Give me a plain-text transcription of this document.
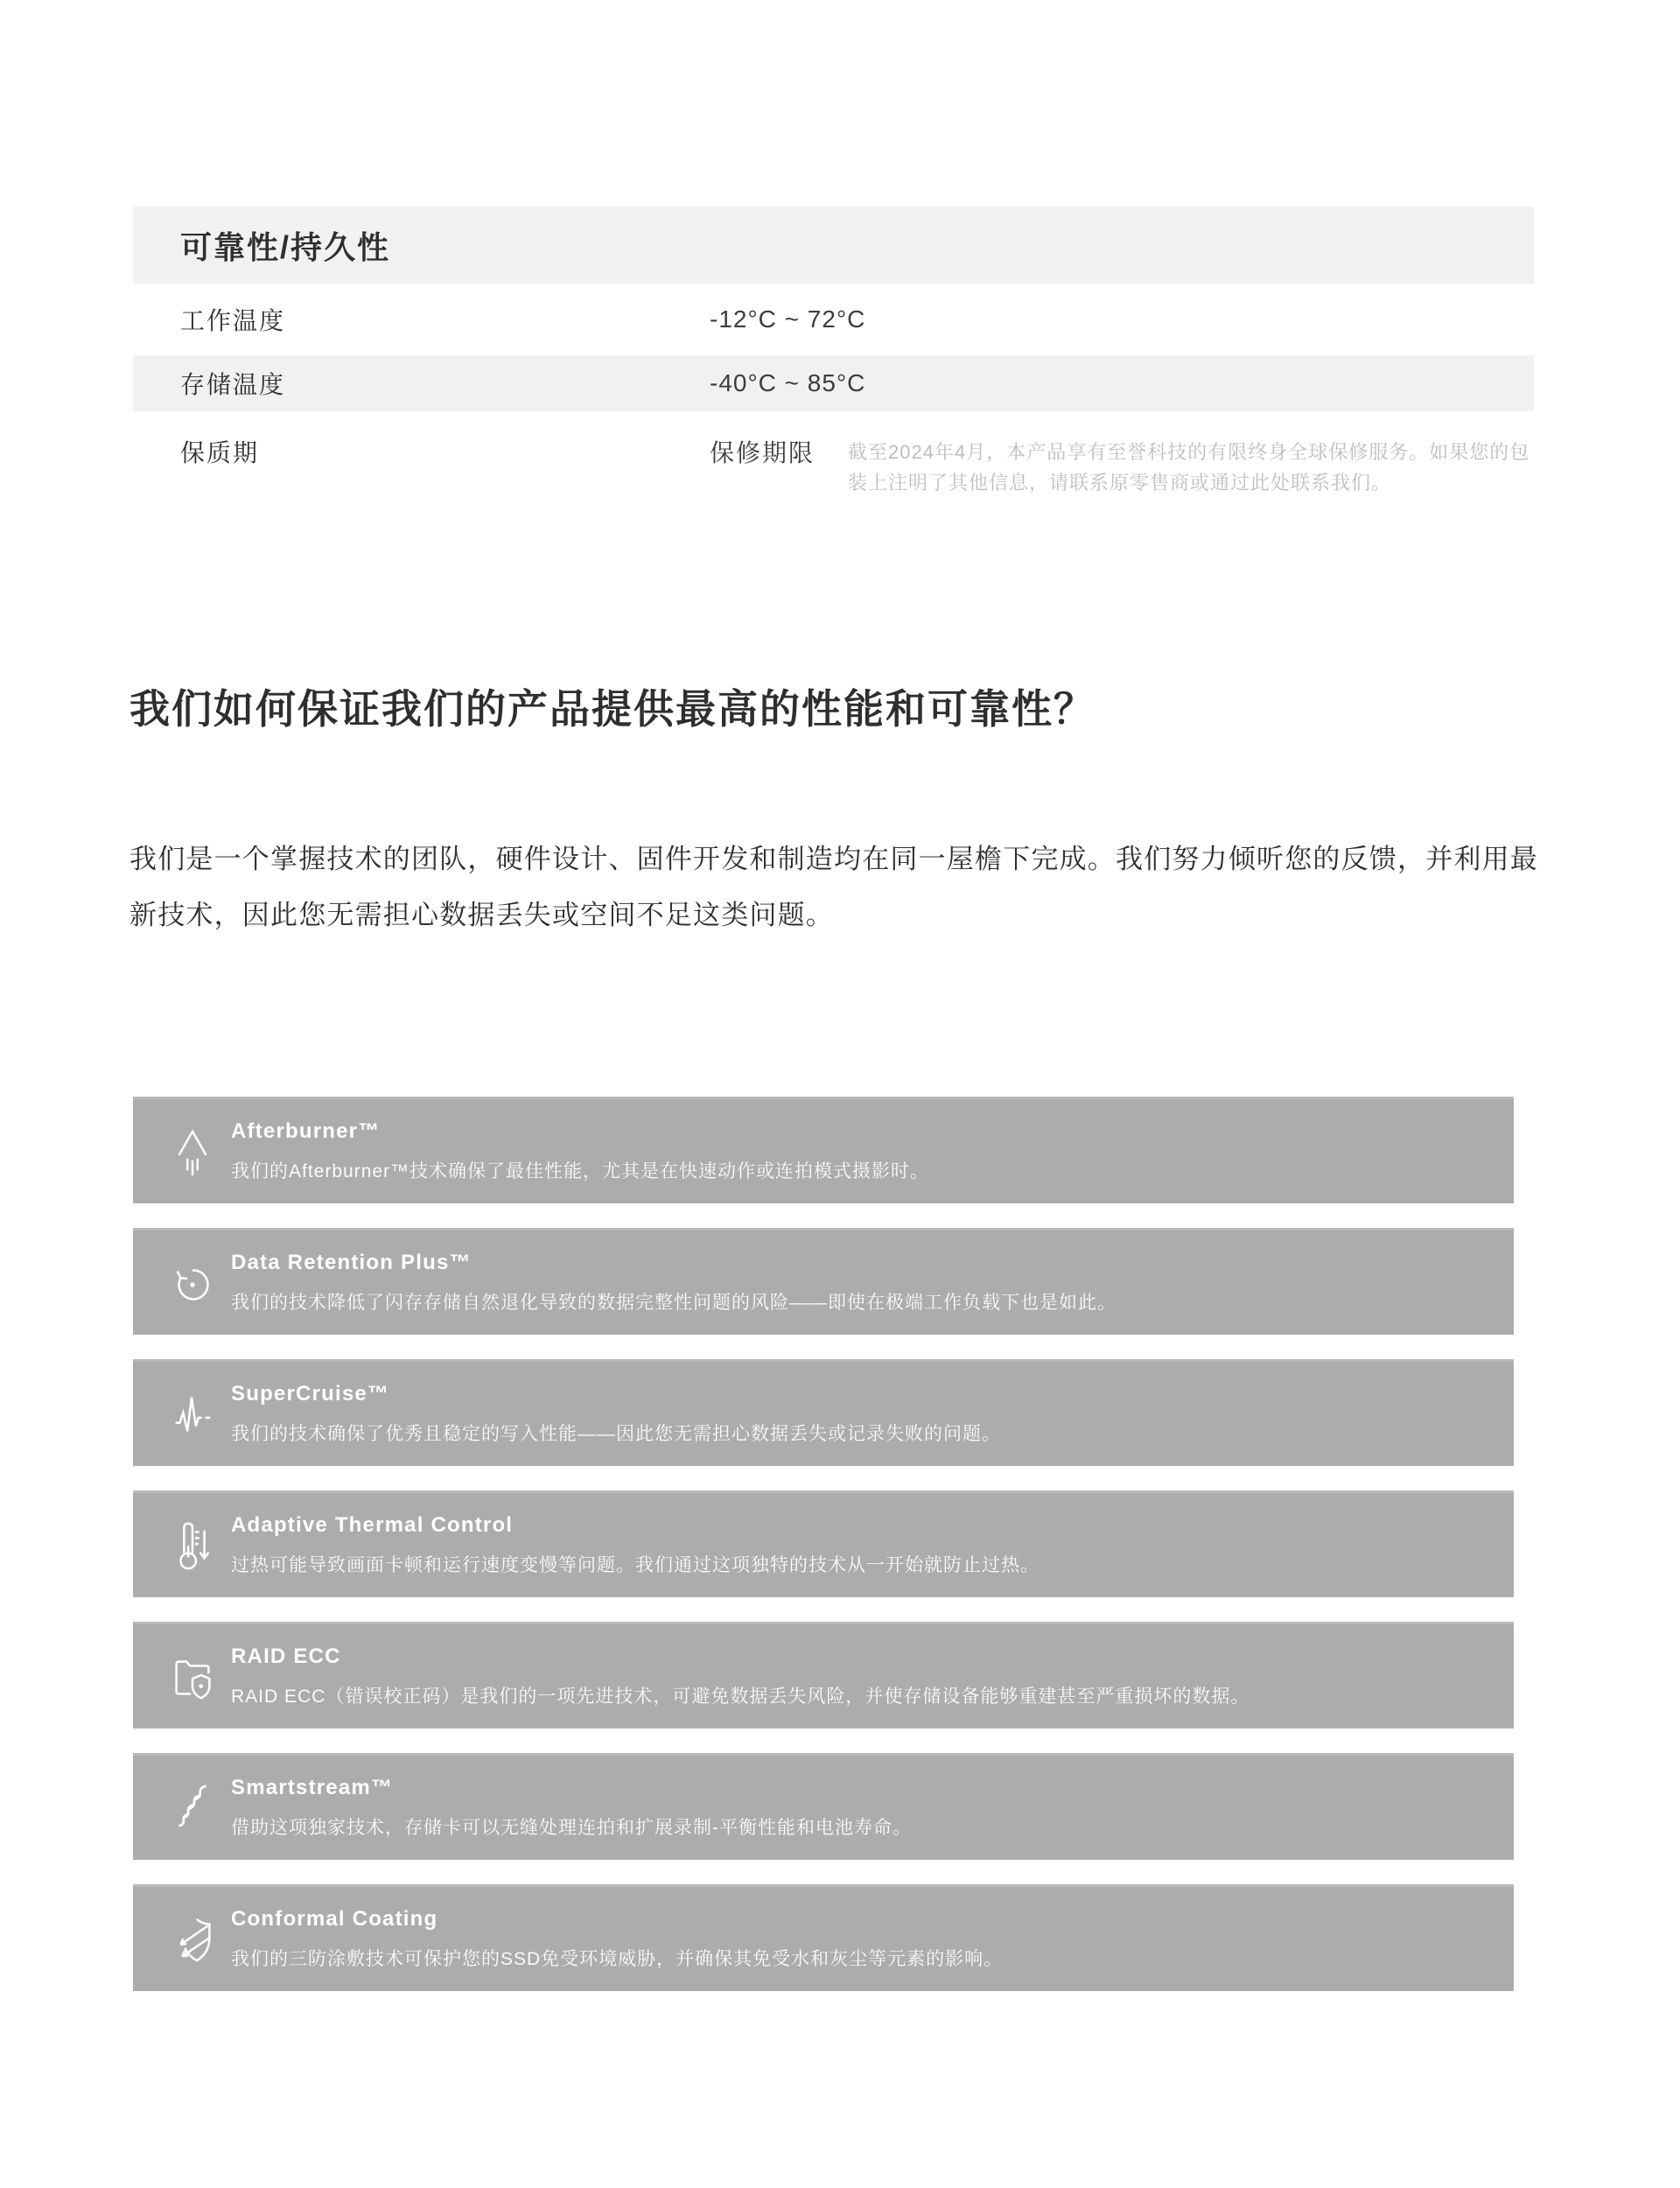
可靠性/持久性
工作温度	-12°C ~ 72°C
存储温度	-40°C ~ 85°C
保质期	保修期限 截至2024年4月，本产品享有至誉科技的有限终身全球保修服务。如果您的包装上注明了其他信息，请联系原零售商或通过此处联系我们。
我们如何保证我们的产品提供最高的性能和可靠性？

我们是一个掌握技术的团队，硬件设计、固件开发和制造均在同一屋檐下完成。我们努力倾听您的反馈，并利用最新技术，因此您无需担心数据丢失或空间不足这类问题。

Afterburner™
我们的Afterburner™技术确保了最佳性能，尤其是在快速动作或连拍模式摄影时。
Data Retention Plus™
我们的技术降低了闪存存储自然退化导致的数据完整性问题的风险——即使在极端工作负载下也是如此。
SuperCruise™
我们的技术确保了优秀且稳定的写入性能——因此您无需担心数据丢失或记录失败的问题。
Adaptive Thermal Control
过热可能导致画面卡顿和运行速度变慢等问题。我们通过这项独特的技术从一开始就防止过热。
RAID ECC
RAID ECC（错误校正码）是我们的一项先进技术，可避免数据丢失风险，并使存储设备能够重建甚至严重损坏的数据。
Smartstream™
借助这项独家技术，存储卡可以无缝处理连拍和扩展录制-平衡性能和电池寿命。
Conformal Coating
我们的三防涂敷技术可保护您的SSD免受环境威胁，并确保其免受水和灰尘等元素的影响。
